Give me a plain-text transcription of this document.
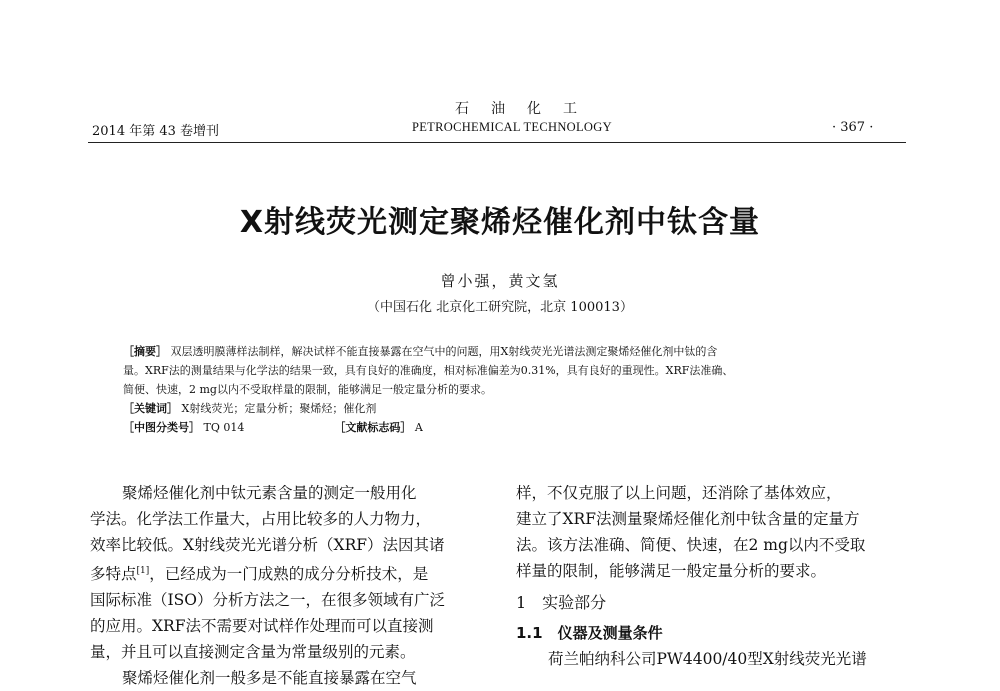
石油化工
2014 年第 43 卷增刊	PETROCHEMICAL TECHNOLOGY	· 367 ·
X射线荧光测定聚烯烃催化剂中钛含量
曾小强，黄文氢
（中国石化 北京化工研究院，北京 100013）
［摘要］ 双层透明膜薄样法制样，解决试样不能直接暴露在空气中的问题，用X射线荧光光谱法测定聚烯烃催化剂中钛的含
量。XRF法的测量结果与化学法的结果一致，具有良好的准确度，相对标准偏差为0.31%，具有良好的重现性。XRF法准确、
简便、快速，2 mg以内不受取样量的限制，能够满足一般定量分析的要求。
［关键词］ X射线荧光；定量分析；聚烯烃；催化剂
［中图分类号］ TQ 014	［文献标志码］ A
聚烯烃催化剂中钛元素含量的测定一般用化
学法。化学法工作量大，占用比较多的人力物力，
效率比较低。X射线荧光光谱分析（XRF）法因其诸
多特点[1]，已经成为一门成熟的成分分析技术，是
国际标准（ISO）分析方法之一，在很多领域有广泛
的应用。XRF法不需要对试样作处理而可以直接测
量，并且可以直接测定含量为常量级别的元素。
聚烯烃催化剂一般多是不能直接暴露在空气
样，不仅克服了以上问题，还消除了基体效应，
建立了XRF法测量聚烯烃催化剂中钛含量的定量方
法。该方法准确、简便、快速，在2 mg以内不受取
样量的限制，能够满足一般定量分析的要求。
1　实验部分
1.1　仪器及测量条件
荷兰帕纳科公司PW4400/40型X射线荧光光谱
